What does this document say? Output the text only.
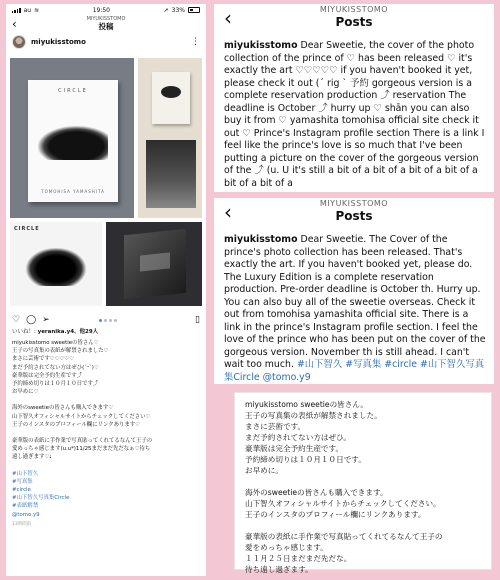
au ≋	19:50	➚ 33%
‹	MIYUKISSTOMO
投稿
miyukisstomo	⋮
CIRCLE
TOMOHISA YAMASHITA
CIRCLE
♡ ◯ ➢	▯
いいね！: yeranika.y4、他29人

miyukisstomo sweetieの皆さん♡

王子の写真集の表紙が解禁されました♡

まさに芸術です♡♡♡♡♡

まだ予約されてない方はぜひ(ˊᵕˋ)♡

豪華版は完全予約生産です⤴

予約締め切りは１０月１０日です⤴

お早めに♡

海外のsweetieの皆さんも購入できます♡

山下智久オフィシャルサイトからチェックしてください♡

王子のインスタのプロフィール欄にリンクあります♡

豪華版の表紙に手作業で写真貼ってくれてるなんて王子の

愛めっちゃ感じます(u.u*)11/25まだまだ先だなぁ♡待ち

遠し過ぎます♡♩

#山下智久

#写真集

#circle

#山下智久写真集Circle

#表紙解禁

@tomo.y9

13時間前
‹	MIYUKISSTOMO
Posts
miyukisstomo Dear Sweetie, the cover of the photo collection of the prince of ♡ has been released ♡ it's exactly the art ♡♡♡♡♡ if you haven't booked it yet, please check it out (ˊ rig ˋ 予約 gorgeous version is a complete reservation production ⤴ reservation The deadline is October ⤴ hurry up ♡ shān you can also buy it from ♡ yamashita tomohisa official site check it out ♡ Prince's Instagram profile section There is a link I feel like the prince's love is so much that I've been putting a picture on the cover of the gorgeous version of the ⤴ (u. U it's still a bit of a bit of a bit of a bit of a bit of a bit of a
‹	MIYUKISSTOMO
Posts
miyukisstomo Dear Sweetie. The Cover of the prince's photo collection has been released. That's exactly the art. If you haven't booked yet, please do. The Luxury Edition is a complete reservation production. Pre-order deadline is October th. Hurry up. You can also buy all of the sweetie overseas. Check it out from tomohisa yamashita official site. There is a link in the prince's Instagram profile section. I feel the love of the prince who has been put on the cover of the gorgeous version. November th is still ahead. I can't wait too much. #山下智久 #写真集 #circle #山下智久写真集Circle @tomo.y9

miyukisstomo sweetieの皆さん。

王子の写真集の表紙が解禁されました。

まさに芸術です。

まだ予約されてない方はぜひ。

豪華版は完全予約生産です。

予約締め切りは１０月１０日です。

お早めに。

海外のsweetieの皆さんも購入できます。

山下智久オフィシャルサイトからチェックしてください。

王子のインスタのプロフィール欄にリンクあります。

豪華版の表紙に手作業で写真貼ってくれてるなんて王子の

愛をめっちゃ感じます。

１１月２５日まだまだ先だな。

待ち遠し過ぎます。
